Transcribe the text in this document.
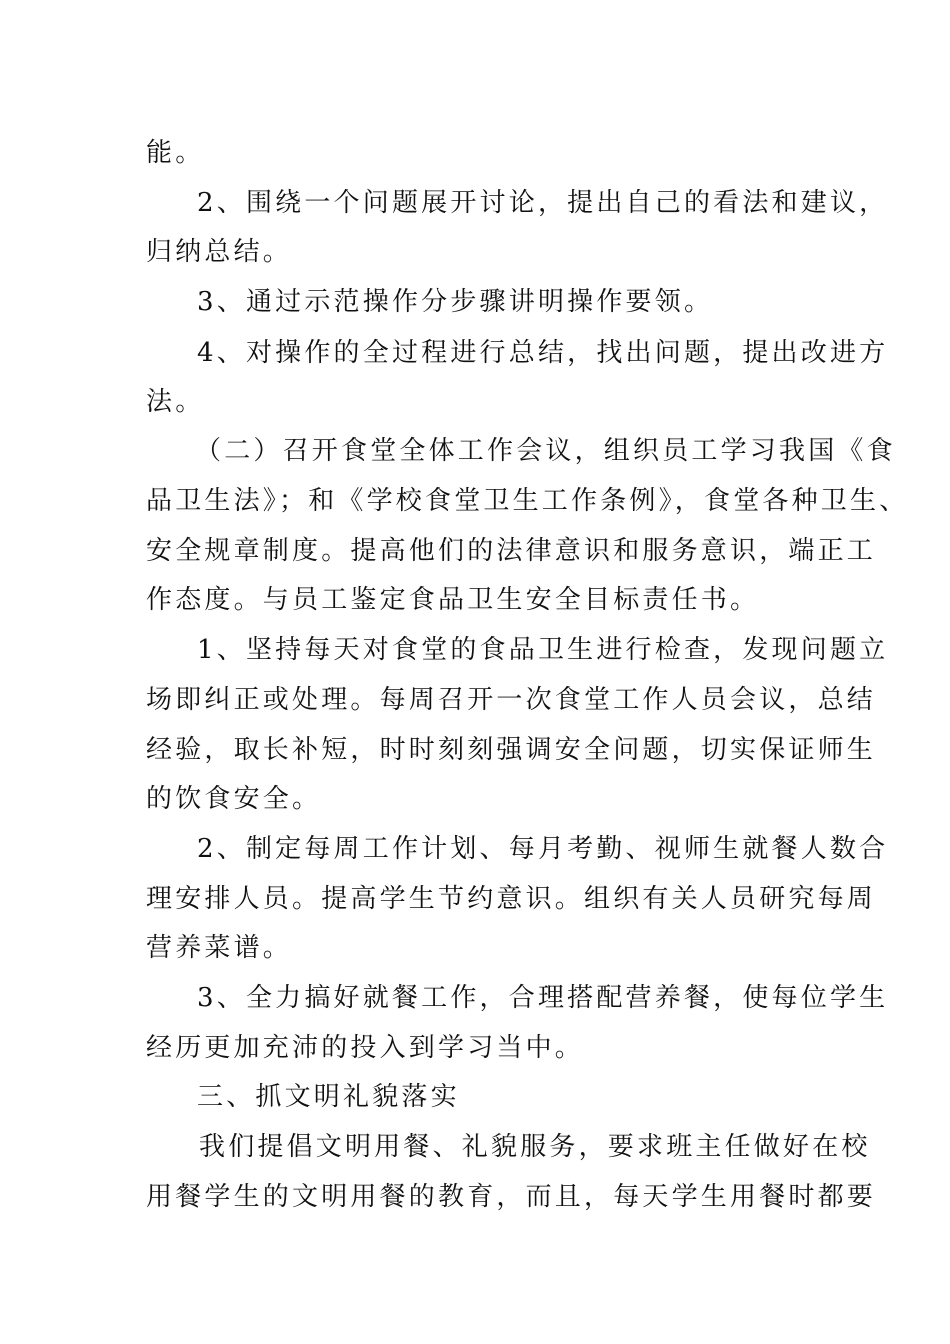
能。
2、围绕一个问题展开讨论，提出自己的看法和建议，
归纳总结。
3、通过示范操作分步骤讲明操作要领。
4、对操作的全过程进行总结，找出问题，提出改进方
法。
（二）召开食堂全体工作会议，组织员工学习我国《食
品卫生法》；和《学校食堂卫生工作条例》，食堂各种卫生、
安全规章制度。提高他们的法律意识和服务意识，端正工
作态度。与员工鉴定食品卫生安全目标责任书。
1、坚持每天对食堂的食品卫生进行检查，发现问题立
场即纠正或处理。每周召开一次食堂工作人员会议，总结
经验，取长补短，时时刻刻强调安全问题，切实保证师生
的饮食安全。
2、制定每周工作计划、每月考勤、视师生就餐人数合
理安排人员。提高学生节约意识。组织有关人员研究每周
营养菜谱。
3、全力搞好就餐工作，合理搭配营养餐，使每位学生
经历更加充沛的投入到学习当中。
三、抓文明礼貌落实
我们提倡文明用餐、礼貌服务，要求班主任做好在校
用餐学生的文明用餐的教育，而且，每天学生用餐时都要
